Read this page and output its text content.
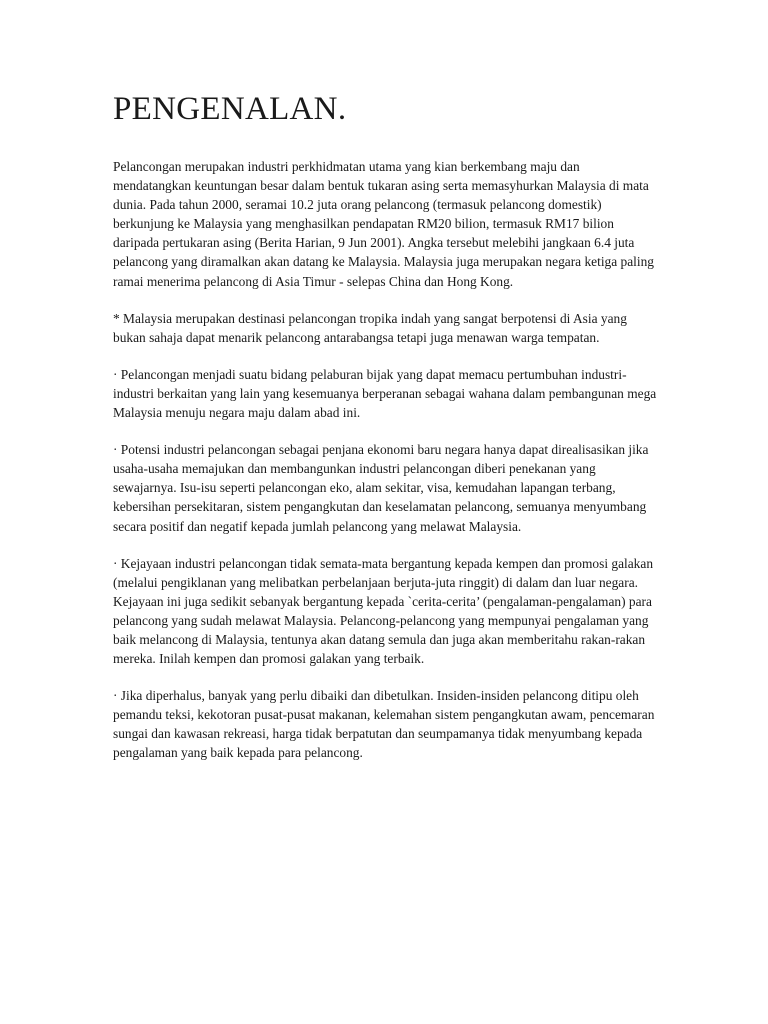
PENGENALAN.

Pelancongan merupakan industri perkhidmatan utama yang kian berkembang maju dan mendatangkan keuntungan besar dalam bentuk tukaran asing serta memasyhurkan Malaysia di mata dunia. Pada tahun 2000, seramai 10.2 juta orang pelancong (termasuk pelancong domestik) berkunjung ke Malaysia yang menghasilkan pendapatan RM20 bilion, termasuk RM17 bilion daripada pertukaran asing (Berita Harian, 9 Jun 2001). Angka tersebut melebihi jangkaan 6.4 juta pelancong yang diramalkan akan datang ke Malaysia. Malaysia juga merupakan negara ketiga paling ramai menerima pelancong di Asia Timur - selepas China dan Hong Kong.

* Malaysia merupakan destinasi pelancongan tropika indah yang sangat berpotensi di Asia yang bukan sahaja dapat menarik pelancong antarabangsa tetapi juga menawan warga tempatan.

· Pelancongan menjadi suatu bidang pelaburan bijak yang dapat memacu pertumbuhan industri-industri berkaitan yang lain yang kesemuanya berperanan sebagai wahana dalam pembangunan mega Malaysia menuju negara maju dalam abad ini.

· Potensi industri pelancongan sebagai penjana ekonomi baru negara hanya dapat direalisasikan jika usaha-usaha memajukan dan membangunkan industri pelancongan diberi penekanan yang sewajarnya. Isu-isu seperti pelancongan eko, alam sekitar, visa, kemudahan lapangan terbang, kebersihan persekitaran, sistem pengangkutan dan keselamatan pelancong, semuanya menyumbang secara positif dan negatif kepada jumlah pelancong yang melawat Malaysia.

· Kejayaan industri pelancongan tidak semata-mata bergantung kepada kempen dan promosi galakan (melalui pengiklanan yang melibatkan perbelanjaan berjuta-juta ringgit) di dalam dan luar negara. Kejayaan ini juga sedikit sebanyak bergantung kepada `cerita-cerita’ (pengalaman-pengalaman) para pelancong yang sudah melawat Malaysia. Pelancong-pelancong yang mempunyai pengalaman yang baik melancong di Malaysia, tentunya akan datang semula dan juga akan memberitahu rakan-rakan mereka. Inilah kempen dan promosi galakan yang terbaik.

· Jika diperhalus, banyak yang perlu dibaiki dan dibetulkan. Insiden-insiden pelancong ditipu oleh pemandu teksi, kekotoran pusat-pusat makanan, kelemahan sistem pengangkutan awam, pencemaran sungai dan kawasan rekreasi, harga tidak berpatutan dan seumpamanya tidak menyumbang kepada pengalaman yang baik kepada para pelancong.
